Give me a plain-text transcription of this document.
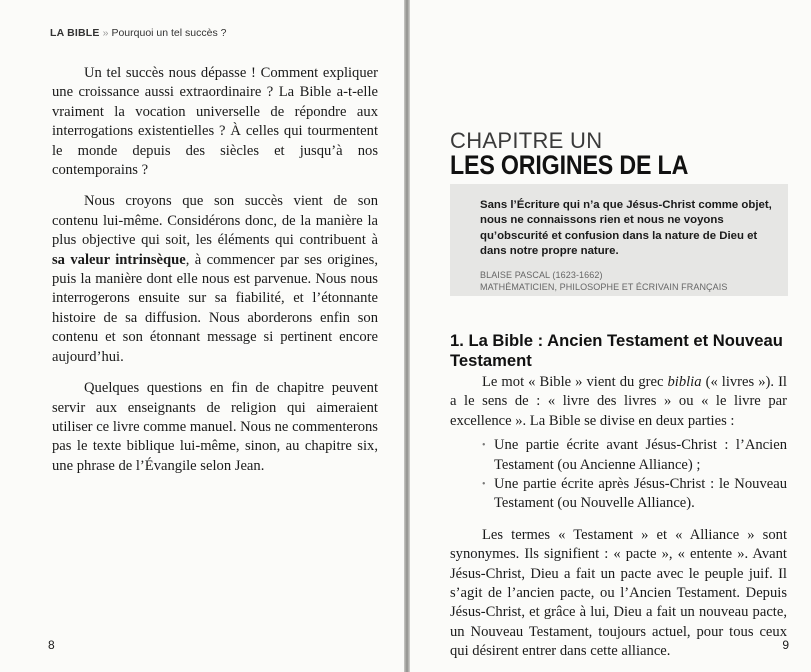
LA BIBLE » Pourquoi un tel succès ?

Un tel succès nous dépasse ! Comment expliquer une croissance aussi extraordinaire ? La Bible a-t-elle vraiment la vocation universelle de répondre aux interrogations existentielles ? À celles qui tourmentent le monde depuis des siècles et jusqu’à nos contemporains ?

Nous croyons que son succès vient de son contenu lui-même. Considérons donc, de la manière la plus objective qui soit, les éléments qui contribuent à sa valeur intrinsèque, à commencer par ses origines, puis la manière dont elle nous est parvenue. Nous nous interrogerons ensuite sur sa fiabilité, et l’étonnante histoire de sa diffusion. Nous aborderons enfin son contenu et son étonnant message si pertinent encore aujourd’hui.

Quelques questions en fin de chapitre peuvent servir aux enseignants de religion qui aimeraient utiliser ce livre comme manuel. Nous ne commenterons pas le texte biblique lui-même, sinon, au chapitre six, une phrase de l’Évangile selon Jean.

8
CHAPITRE UN
LES ORIGINES DE LA

Sans l’Écriture qui n’a que Jésus-Christ comme objet, nous ne connaissons rien et nous ne voyons qu’obscurité et confusion dans la nature de Dieu et dans notre propre nature.

BLAISE PASCAL (1623-1662)
MATHÉMATICIEN, PHILOSOPHE ET ÉCRIVAIN FRANÇAIS

1. La Bible : Ancien Testament et Nouveau Testament

Le mot « Bible » vient du grec biblia (« livres »). Il a le sens de : « livre des livres » ou « le livre par excellence ». La Bible se divise en deux parties :

• Une partie écrite avant Jésus-Christ : l’Ancien Testament (ou Ancienne Alliance) ;
• Une partie écrite après Jésus-Christ : le Nouveau Testament (ou Nouvelle Alliance).

Les termes « Testament » et « Alliance » sont synonymes. Ils signifient : « pacte », « entente ». Avant Jésus-Christ, Dieu a fait un pacte avec le peuple juif. Il s’agit de l’ancien pacte, ou l’Ancien Testament. Depuis Jésus-Christ, et grâce à lui, Dieu a fait un nouveau pacte, un Nouveau Testament, toujours actuel, pour tous ceux qui désirent entrer dans cette alliance.	9
